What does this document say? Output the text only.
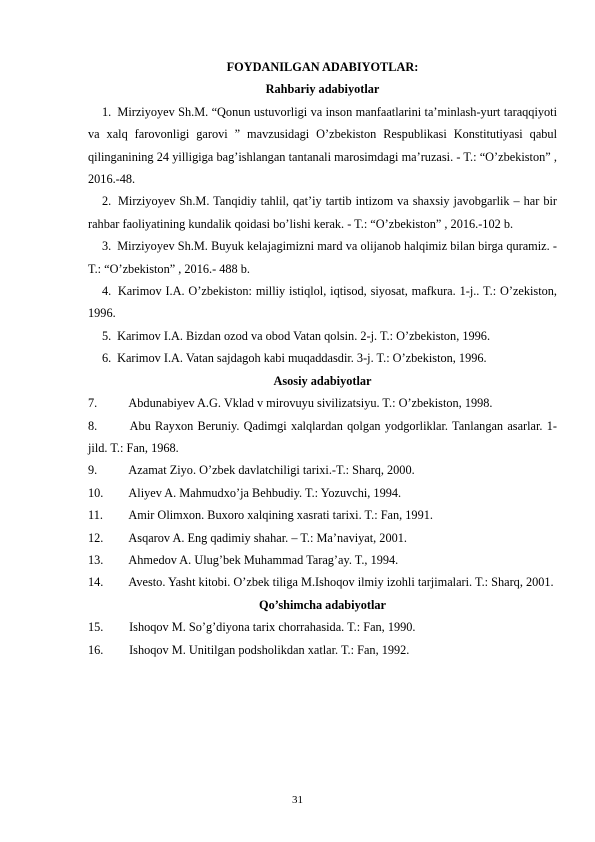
FOYDANILGAN ADABIYOTLAR:

Rahbariy adabiyotlar

1. Mirziyoyev Sh.M. “Qonun ustuvorligi va inson manfaatlarini ta’minlash-yurt taraqqiyoti va xalq farovonligi garovi ” mavzusidagi O’zbekiston Respublikasi Konstitutiyasi qabul qilinganining 24 yilligiga bag’ishlangan tantanali marosimdagi ma’ruzasi. - T.: “O’zbekiston” , 2016.-48.

2. Mirziyoyev Sh.M. Tanqidiy tahlil, qat’iy tartib intizom va shaxsiy javobgarlik – har bir rahbar faoliyatining kundalik qoidasi bo’lishi kerak. - T.: “O’zbekiston” , 2016.-102 b.

3. Mirziyoyev Sh.M. Buyuk kelajagimizni mard va olijanob halqimiz bilan birga quramiz. - T.: “O’zbekiston” , 2016.- 488 b.

4. Karimov I.A. O’zbekiston: milliy istiqlol, iqtisod, siyosat, mafkura. 1-j.. T.: O’zekiston, 1996.

5. Karimov I.A. Bizdan ozod va obod Vatan qolsin. 2-j. T.: O’zbekiston, 1996.

6. Karimov I.A. Vatan sajdagoh kabi muqaddasdir. 3-j. T.: O’zbekiston, 1996.

Asosiy adabiyotlar

7.	Abdunabiyev A.G. Vklad v mirovuyu sivilizatsiyu. T.: O’zbekiston, 1998.

8.	Abu Rayxon Beruniy. Qadimgi xalqlardan qolgan yodgorliklar. Tanlangan asarlar. 1-jild. T.: Fan, 1968.

9.	Azamat Ziyo. O’zbek davlatchiligi tarixi.-T.: Sharq, 2000.

10. Aliyev A. Mahmudxo’ja Behbudiy. T.: Yozuvchi, 1994.

11. Amir Olimxon. Buxoro xalqining xasrati tarixi. T.: Fan, 1991.

12. Asqarov A. Eng qadimiy shahar. – T.: Ma’naviyat, 2001.

13. Ahmedov A. Ulug’bek Muhammad Tarag’ay. T., 1994.

14. Avesto. Yasht kitobi. O’zbek tiliga M.Ishoqov ilmiy izohli tarjimalari. T.: Sharq, 2001.

Qo’shimcha adabiyotlar

15. Ishoqov M. So’g’diyona tarix chorrahasida. T.: Fan, 1990.

16. Ishoqov M. Unitilgan podsholikdan xatlar. T.: Fan, 1992.

31
